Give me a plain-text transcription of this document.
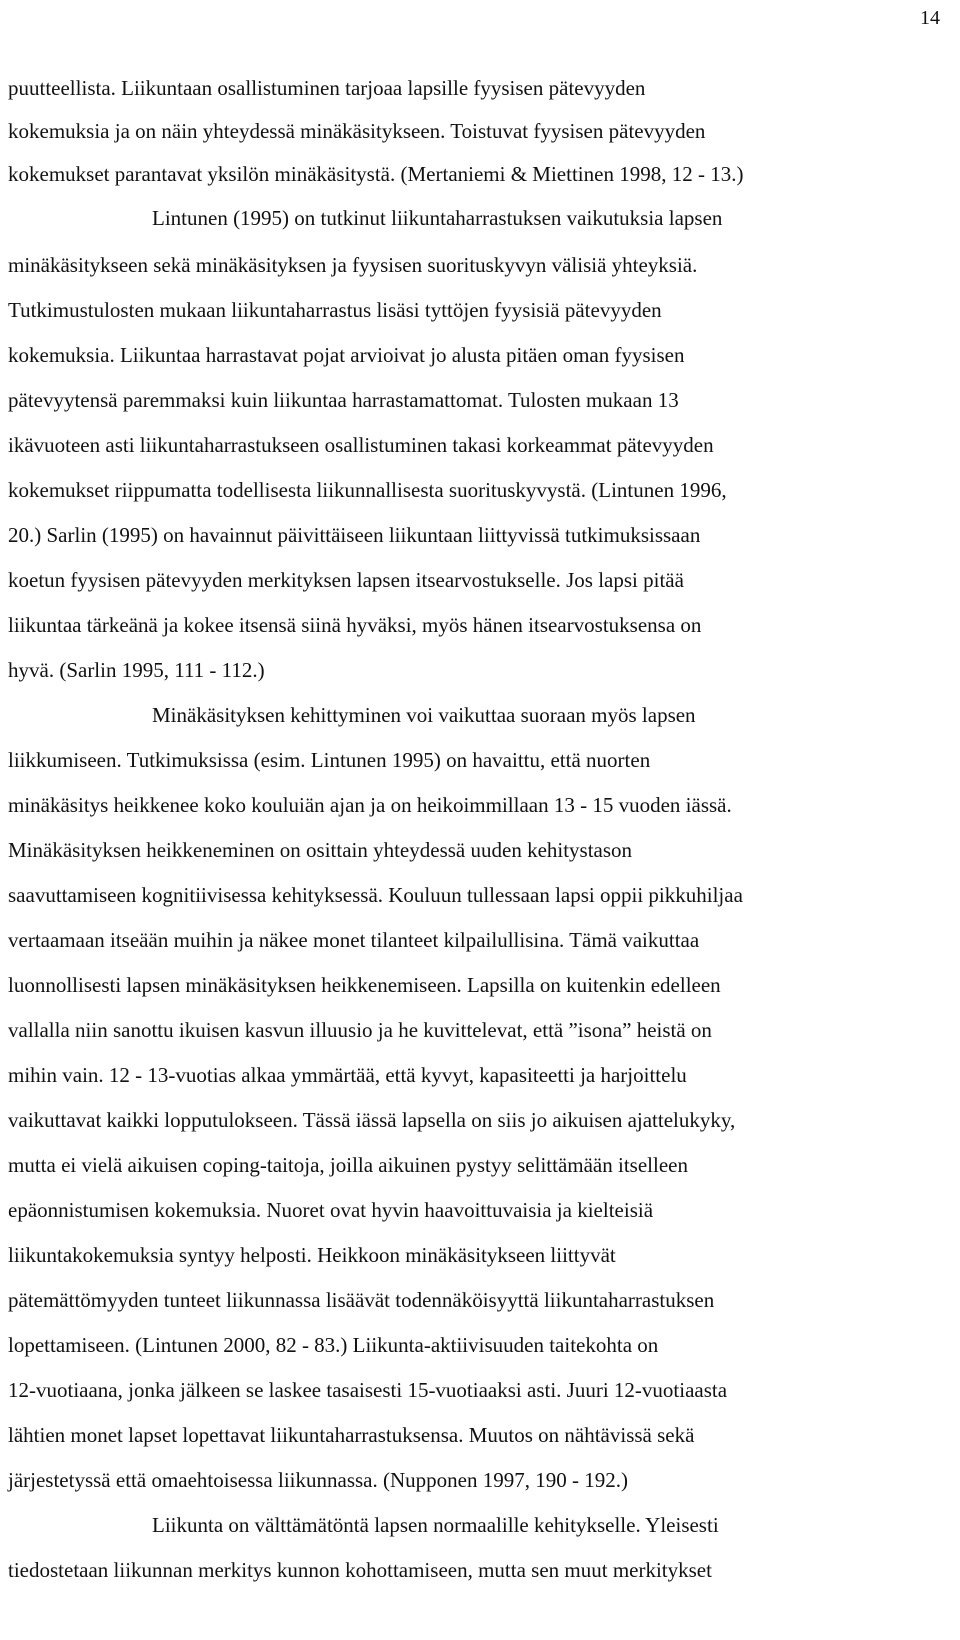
14
puutteellista. Liikuntaan osallistuminen tarjoaa lapsille fyysisen pätevyyden
kokemuksia ja on näin yhteydessä minäkäsitykseen. Toistuvat fyysisen pätevyyden
kokemukset parantavat yksilön minäkäsitystä. (Mertaniemi & Miettinen 1998, 12 - 13.)
Lintunen (1995) on tutkinut liikuntaharrastuksen vaikutuksia lapsen
minäkäsitykseen sekä minäkäsityksen ja fyysisen suorituskyvyn välisiä yhteyksiä.
Tutkimustulosten mukaan liikuntaharrastus lisäsi tyttöjen fyysisiä pätevyyden
kokemuksia. Liikuntaa harrastavat pojat arvioivat jo alusta pitäen oman fyysisen
pätevyytensä paremmaksi kuin liikuntaa harrastamattomat. Tulosten mukaan 13
ikävuoteen asti liikuntaharrastukseen osallistuminen takasi korkeammat pätevyyden
kokemukset riippumatta todellisesta liikunnallisesta suorituskyvystä. (Lintunen 1996,
20.) Sarlin (1995) on havainnut päivittäiseen liikuntaan liittyvissä tutkimuksissaan
koetun fyysisen pätevyyden merkityksen lapsen itsearvostukselle. Jos lapsi pitää
liikuntaa tärkeänä ja kokee itsensä siinä hyväksi, myös hänen itsearvostuksensa on
hyvä. (Sarlin 1995, 111 - 112.)
Minäkäsityksen kehittyminen voi vaikuttaa suoraan myös lapsen
liikkumiseen. Tutkimuksissa (esim. Lintunen 1995) on havaittu, että nuorten
minäkäsitys heikkenee koko kouluiän ajan ja on heikoimmillaan 13 - 15 vuoden iässä.
Minäkäsityksen heikkeneminen on osittain yhteydessä uuden kehitystason
saavuttamiseen kognitiivisessa kehityksessä. Kouluun tullessaan lapsi oppii pikkuhiljaa
vertaamaan itseään muihin ja näkee monet tilanteet kilpailullisina. Tämä vaikuttaa
luonnollisesti lapsen minäkäsityksen heikkenemiseen. Lapsilla on kuitenkin edelleen
vallalla niin sanottu ikuisen kasvun illuusio ja he kuvittelevat, että ”isona” heistä on
mihin vain. 12 - 13-vuotias alkaa ymmärtää, että kyvyt, kapasiteetti ja harjoittelu
vaikuttavat kaikki lopputulokseen. Tässä iässä lapsella on siis jo aikuisen ajattelukyky,
mutta ei vielä aikuisen coping-taitoja, joilla aikuinen pystyy selittämään itselleen
epäonnistumisen kokemuksia. Nuoret ovat hyvin haavoittuvaisia ja kielteisiä
liikuntakokemuksia syntyy helposti. Heikkoon minäkäsitykseen liittyvät
pätemättömyyden tunteet liikunnassa lisäävät todennäköisyyttä liikuntaharrastuksen
lopettamiseen. (Lintunen 2000, 82 - 83.) Liikunta-aktiivisuuden taitekohta on
12-vuotiaana, jonka jälkeen se laskee tasaisesti 15-vuotiaaksi asti. Juuri 12-vuotiaasta
lähtien monet lapset lopettavat liikuntaharrastuksensa. Muutos on nähtävissä sekä
järjestetyssä että omaehtoisessa liikunnassa. (Nupponen 1997, 190 - 192.)
Liikunta on välttämätöntä lapsen normaalille kehitykselle. Yleisesti
tiedostetaan liikunnan merkitys kunnon kohottamiseen, mutta sen muut merkitykset
